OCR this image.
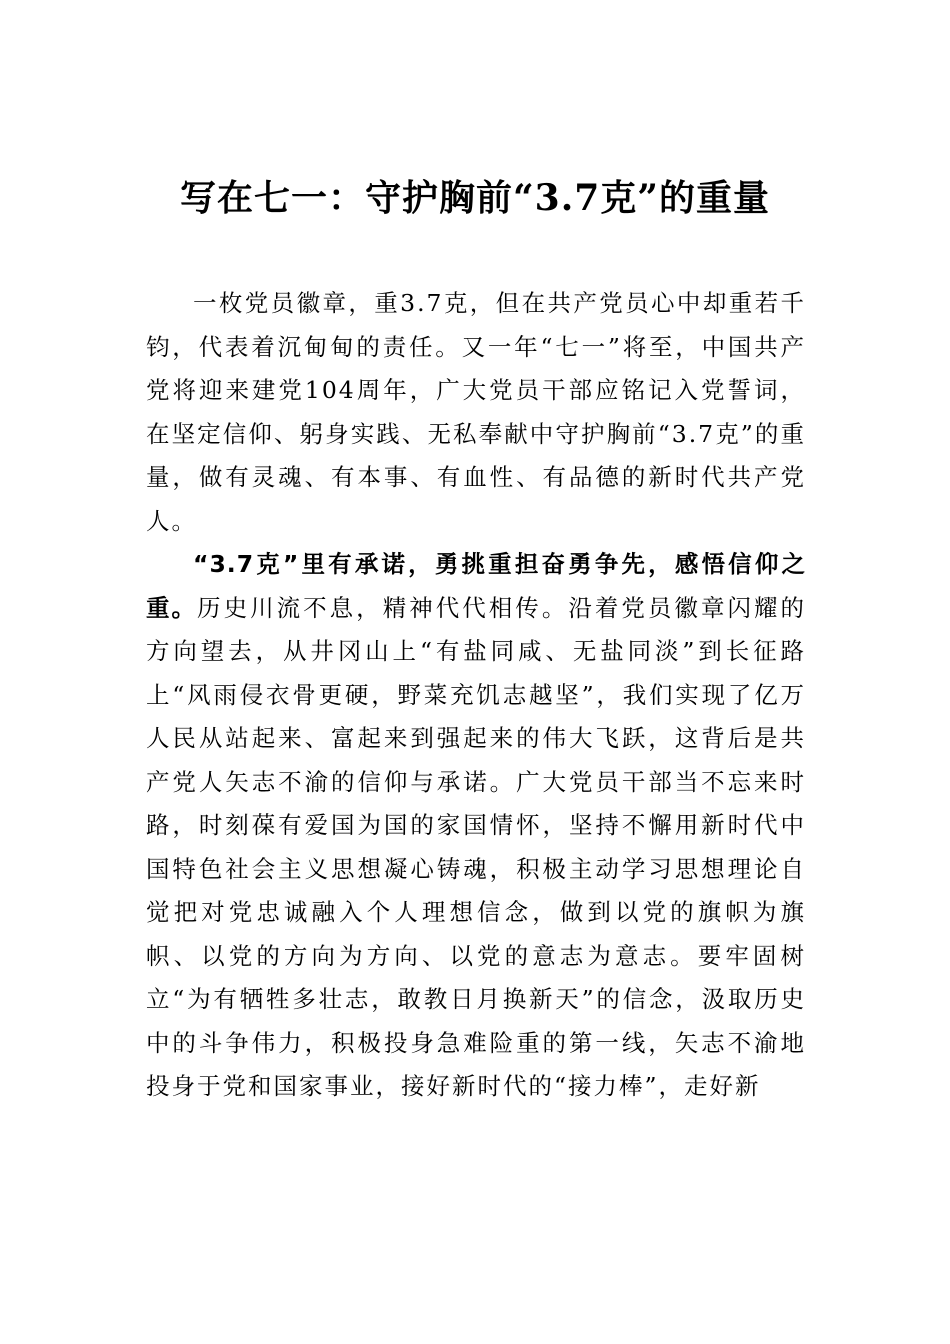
写在七一：守护胸前“3.7克”的重量

一枚党员徽章，重3.7克，但在共产党员心中却重若千钧，代表着沉甸甸的责任。又一年“七一”将至，中国共产党将迎来建党104周年，广大党员干部应铭记入党誓词，在坚定信仰、躬身实践、无私奉献中守护胸前“3.7克”的重量，做有灵魂、有本事、有血性、有品德的新时代共产党人。

“3.7克”里有承诺，勇挑重担奋勇争先，感悟信仰之重。历史川流不息，精神代代相传。沿着党员徽章闪耀的方向望去，从井冈山上“有盐同咸、无盐同淡”到长征路上“风雨侵衣骨更硬，野菜充饥志越坚”，我们实现了亿万人民从站起来、富起来到强起来的伟大飞跃，这背后是共产党人矢志不渝的信仰与承诺。广大党员干部当不忘来时路，时刻葆有爱国为国的家国情怀，坚持不懈用新时代中国特色社会主义思想凝心铸魂，积极主动学习思想理论自觉把对党忠诚融入个人理想信念，做到以党的旗帜为旗帜、以党的方向为方向、以党的意志为意志。要牢固树立“为有牺牲多壮志，敢教日月换新天”的信念，汲取历史中的斗争伟力，积极投身急难险重的第一线，矢志不渝地投身于党和国家事业，接好新时代的“接力棒”，走好新
